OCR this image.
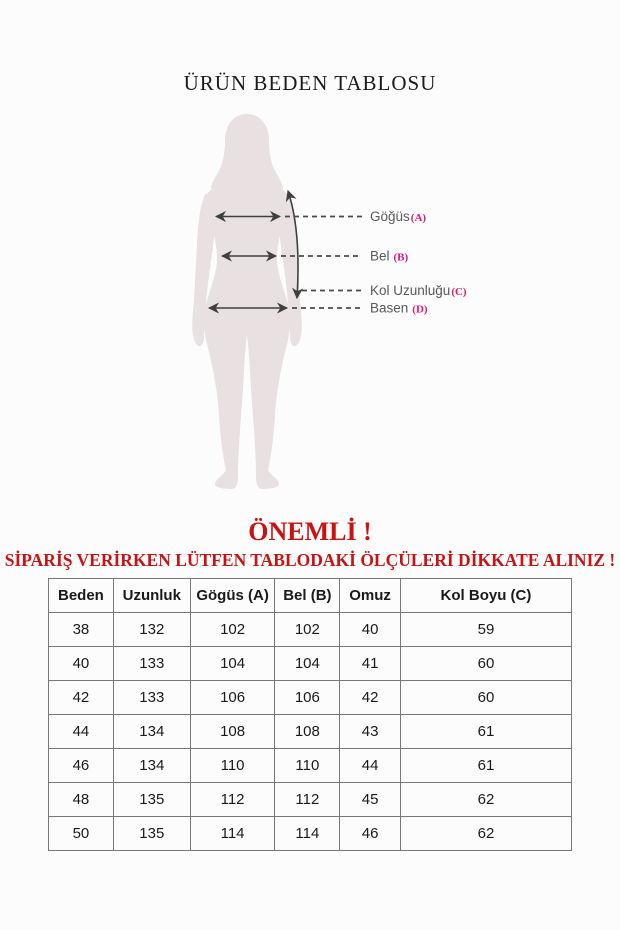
ÜRÜN BEDEN TABLOSU
Göğüs(A)
Bel (B)
Kol Uzunluğu(C)
Basen (D)
ÖNEMLİ !
SİPARİŞ VERİRKEN LÜTFEN TABLODAKİ ÖLÇÜLERİ DİKKATE ALINIZ !
Beden	Uzunluk	Gögüs (A)	Bel (B)	Omuz	Kol Boyu (C)
38	132	102	102	40	59
40	133	104	104	41	60
42	133	106	106	42	60
44	134	108	108	43	61
46	134	110	110	44	61
48	135	112	112	45	62
50	135	114	114	46	62
